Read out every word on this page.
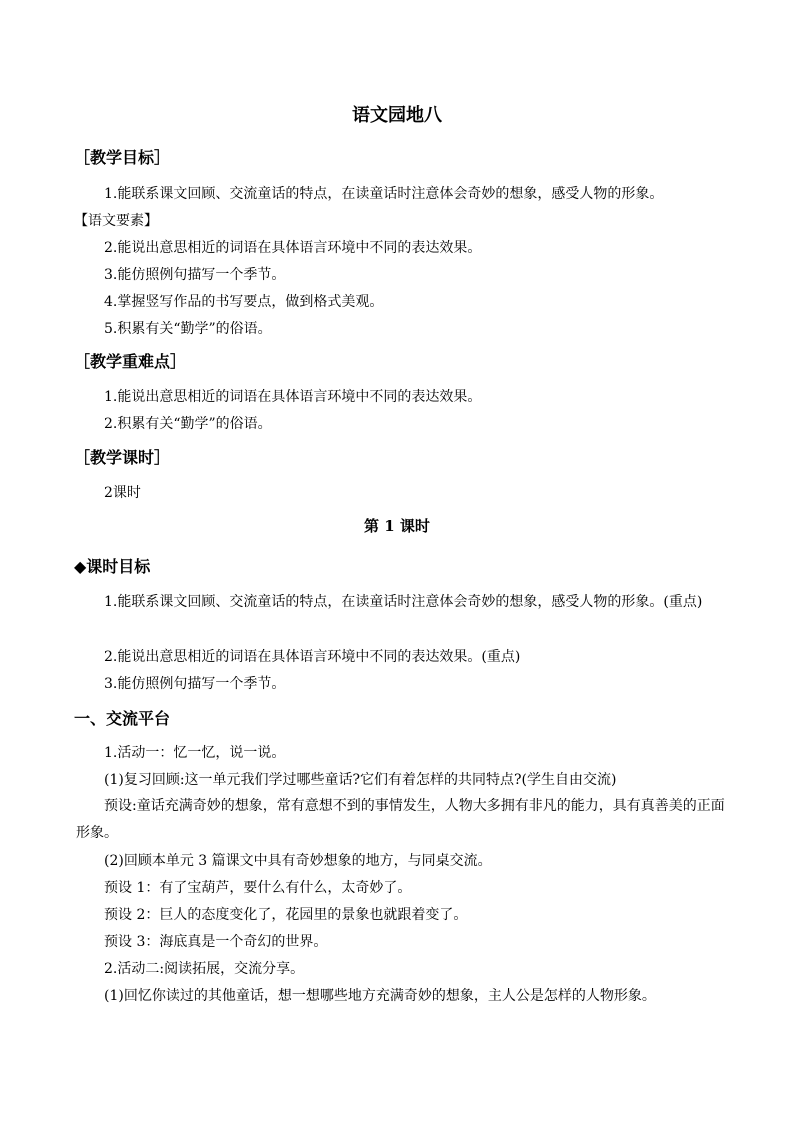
语文园地八
［教学目标］
1.能联系课文回顾、交流童话的特点，在读童话时注意体会奇妙的想象，感受人物的形象。
【语文要素】
2.能说出意思相近的词语在具体语言环境中不同的表达效果。
3.能仿照例句描写一个季节。
4.掌握竖写作品的书写要点，做到格式美观。
5.积累有关“勤学”的俗语。
［教学重难点］
1.能说出意思相近的词语在具体语言环境中不同的表达效果。
2.积累有关“勤学”的俗语。
［教学课时］
2课时
第 1 课时
◆课时目标
1.能联系课文回顾、交流童话的特点，在读童话时注意体会奇妙的想象，感受人物的形象。(重点)
2.能说出意思相近的词语在具体语言环境中不同的表达效果。(重点)
3.能仿照例句描写一个季节。
一、交流平台
1.活动一：忆一忆，说一说。
(1)复习回顾:这一单元我们学过哪些童话?它们有着怎样的共同特点?(学生自由交流)
预设:童话充满奇妙的想象，常有意想不到的事情发生，人物大多拥有非凡的能力，具有真善美的正面形象。
(2)回顾本单元 3 篇课文中具有奇妙想象的地方，与同桌交流。
预设 1：有了宝葫芦，要什么有什么，太奇妙了。
预设 2：巨人的态度变化了，花园里的景象也就跟着变了。
预设 3：海底真是一个奇幻的世界。
2.活动二:阅读拓展，交流分享。
(1)回忆你读过的其他童话，想一想哪些地方充满奇妙的想象，主人公是怎样的人物形象。
